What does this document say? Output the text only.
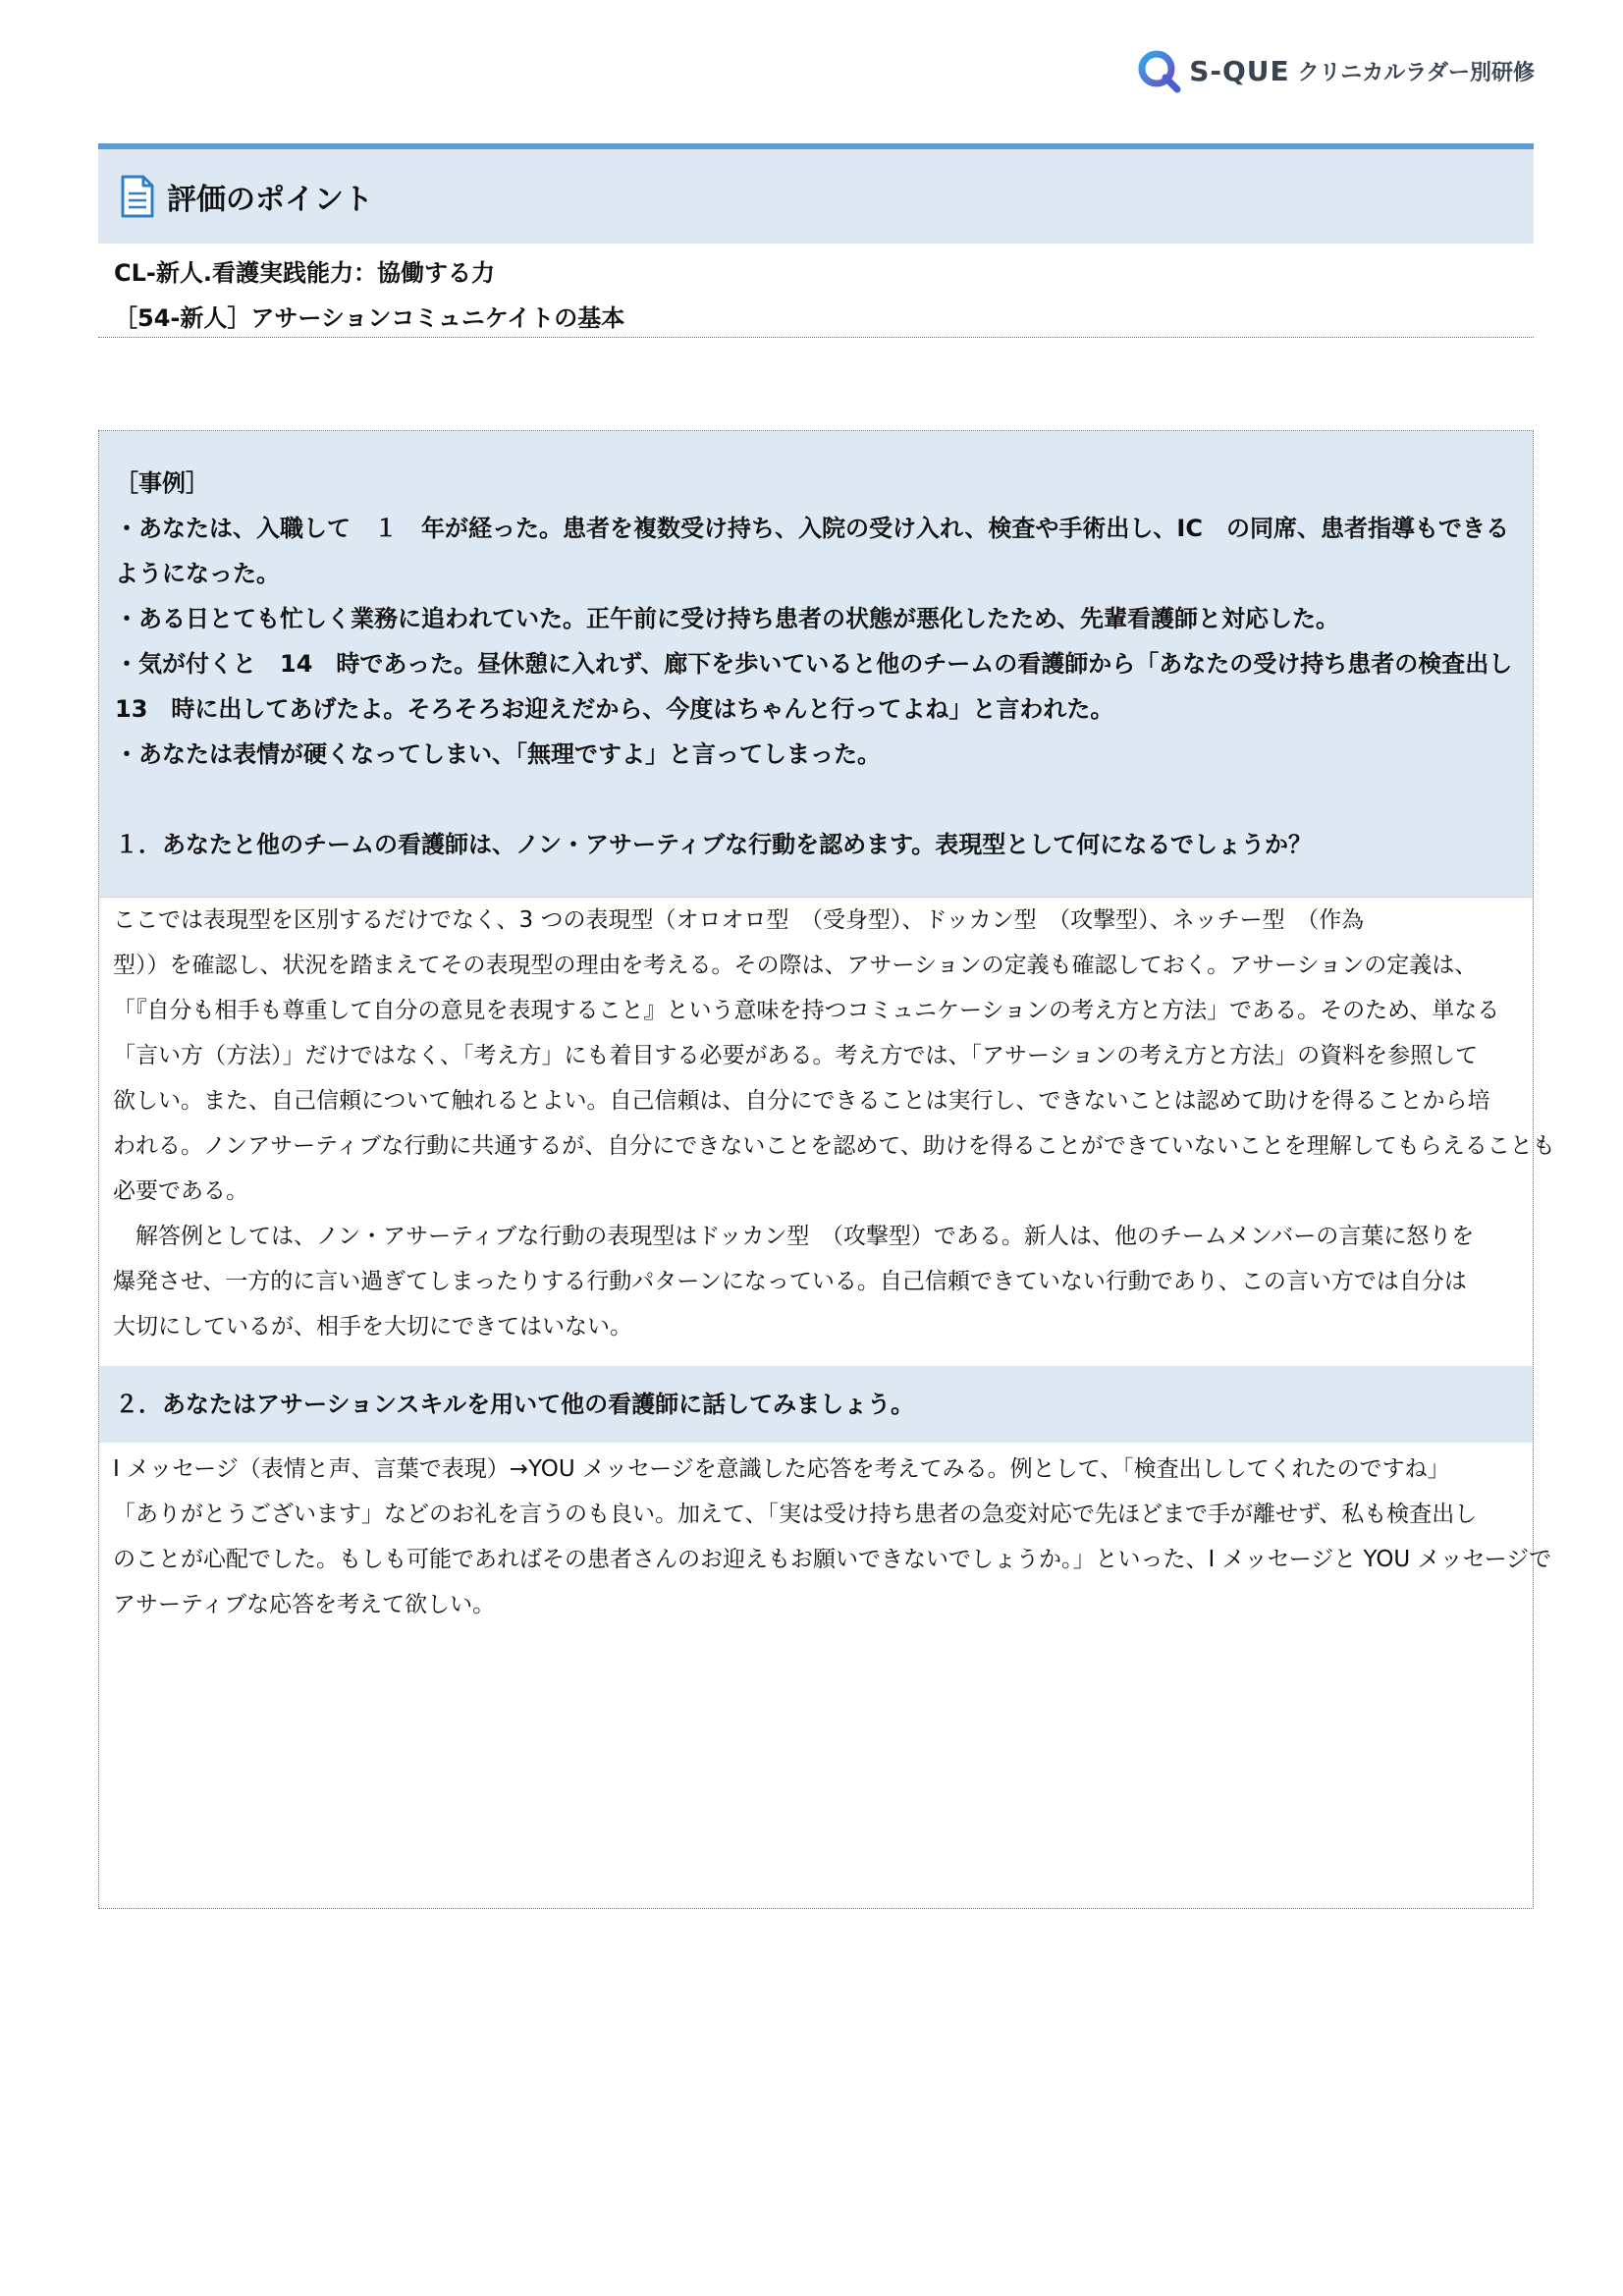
S-QUE クリニカルラダー別研修
評価のポイント
CL-新人.看護実践能力：協働する力
［54-新人］アサーションコミュニケイトの基本
［事例］
・あなたは、入職して　１　年が経った。患者を複数受け持ち、入院の受け入れ、検査や手術出し、IC　の同席、患者指導もできる
ようになった。
・ある日とても忙しく業務に追われていた。正午前に受け持ち患者の状態が悪化したため、先輩看護師と対応した。
・気が付くと　14　時であった。昼休憩に入れず、廊下を歩いていると他のチームの看護師から「あなたの受け持ち患者の検査出し
13　時に出してあげたよ。そろそろお迎えだから、今度はちゃんと行ってよね」と言われた。
・あなたは表情が硬くなってしまい、「無理ですよ」と言ってしまった。
１．あなたと他のチームの看護師は、ノン・アサーティブな行動を認めます。表現型として何になるでしょうか？
ここでは表現型を区別するだけでなく、3 つの表現型（オロオロ型　（受身型）、ドッカン型　（攻撃型）、ネッチー型　（作為
型））を確認し、状況を踏まえてその表現型の理由を考える。その際は、アサーションの定義も確認しておく。アサーションの定義は、
「『自分も相手も尊重して自分の意見を表現すること』という意味を持つコミュニケーションの考え方と方法」である。そのため、単なる
「言い方（方法）」だけではなく、「考え方」にも着目する必要がある。考え方では、「アサーションの考え方と方法」の資料を参照して
欲しい。また、自己信頼について触れるとよい。自己信頼は、自分にできることは実行し、できないことは認めて助けを得ることから培
われる。ノンアサーティブな行動に共通するが、自分にできないことを認めて、助けを得ることができていないことを理解してもらえることも
必要である。
　解答例としては、ノン・アサーティブな行動の表現型はドッカン型　（攻撃型）である。新人は、他のチームメンバーの言葉に怒りを
爆発させ、一方的に言い過ぎてしまったりする行動パターンになっている。自己信頼できていない行動であり、この言い方では自分は
大切にしているが、相手を大切にできてはいない。
２．あなたはアサーションスキルを用いて他の看護師に話してみましょう。
I メッセージ（表情と声、言葉で表現）→YOU メッセージを意識した応答を考えてみる。例として、「検査出ししてくれたのですね」
「ありがとうございます」などのお礼を言うのも良い。加えて、「実は受け持ち患者の急変対応で先ほどまで手が離せず、私も検査出し
のことが心配でした。もしも可能であればその患者さんのお迎えもお願いできないでしょうか。」といった、I メッセージと YOU メッセージで
アサーティブな応答を考えて欲しい。
